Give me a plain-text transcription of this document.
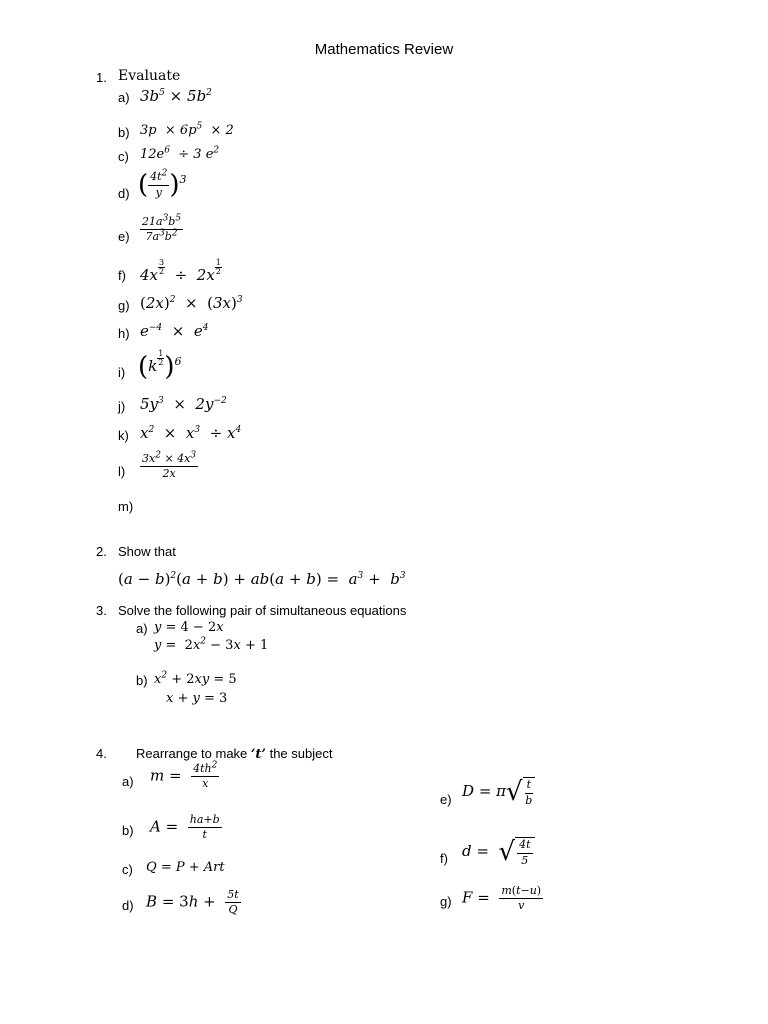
Mathematics Review
1. Evaluate
a) $3b^5 \times 5b^2$
b) $3p \times 6p^5 \times 2$
c) $12e^6 \div 3$ $e^2$
d) ( $\frac{4t^2}{y} )^3$
$e) \frac{21a^3b^5}{7a^3b^2}$
f) $4x \frac{3}{2} \div 2x \frac{1}{2}$
g) $(2x)^2 \times (3x)^3$
h) $e^{-4} \times e^4$
i) $(k \frac{1}{2} )^6$
j) $5y^3 \times 2y^{-2}$
k) $x^2 \times x^3 \div x^4$
$l) \frac{3x^2 \times 4x^3}{2x}$
m)
2. Show that
$(a - b)^2(a + b) + ab(a + b) = a^3 + b^3$
3. Solve the following pair of simultaneous equations
a) y = 4 − 2x
$y = 2x^2 - 3x + 1$
b) $x^2 + 2xy = 5$
x + y = 3
4. Rearrange to make ‘t’ the subject
a) $m = \frac{4th^2}{x}$
b) $A = \frac{ha+b}{t}$
c) Q = P + Art
d) $B = 3h + \frac{5t}{Q}$
e) $D = \pi√ \frac{t}{b}$
f) d = √ $\frac{4t}{5}$
g) $F = \frac{m(t-u)}{v}$
